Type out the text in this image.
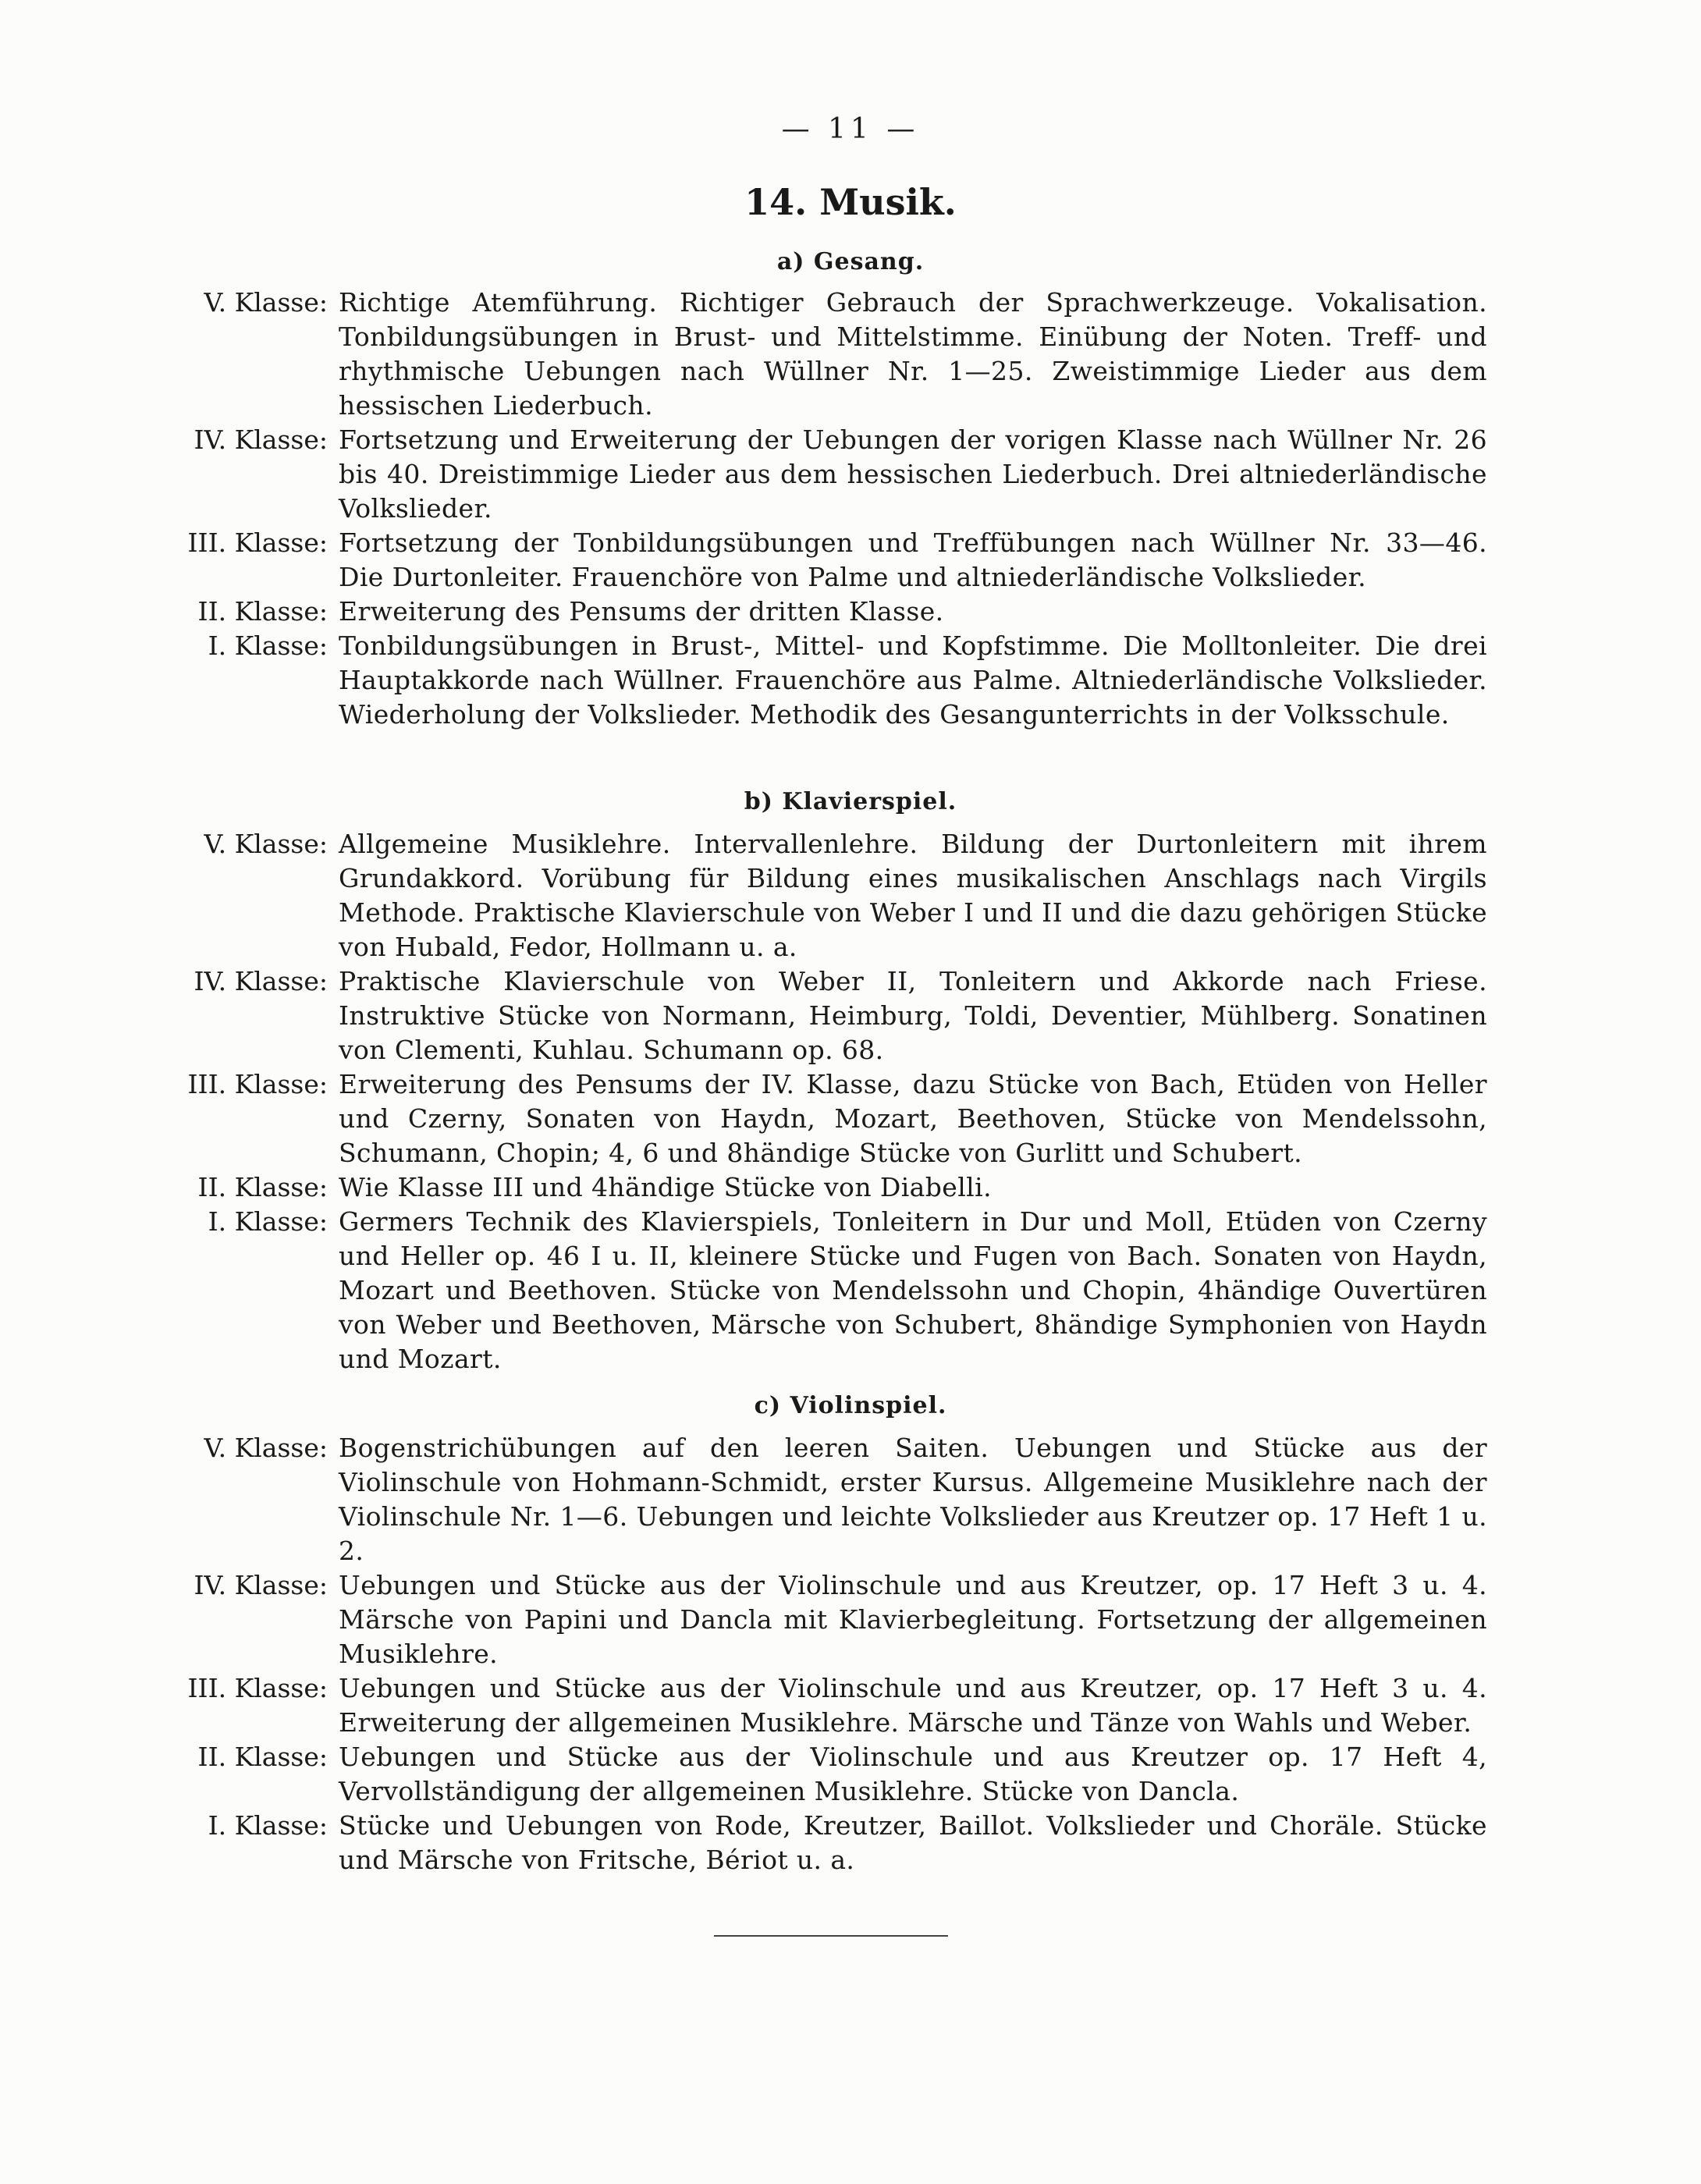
— 11 —
14. Musik.
a) Gesang.
V. Klasse: Richtige Atemführung. Richtiger Gebrauch der Sprachwerkzeuge. Vokalisation. Tonbildungsübungen in Brust- und Mittelstimme. Einübung der Noten. Treff- und rhythmische Uebungen nach Wüllner Nr. 1—25. Zweistimmige Lieder aus dem hessischen Liederbuch.
IV. Klasse: Fortsetzung und Erweiterung der Uebungen der vorigen Klasse nach Wüllner Nr. 26 bis 40. Dreistimmige Lieder aus dem hessischen Liederbuch. Drei altniederländische Volkslieder.
III. Klasse: Fortsetzung der Tonbildungsübungen und Treffübungen nach Wüllner Nr. 33—46. Die Durtonleiter. Frauenchöre von Palme und altniederländische Volkslieder.
II. Klasse: Erweiterung des Pensums der dritten Klasse.
I. Klasse: Tonbildungsübungen in Brust-, Mittel- und Kopfstimme. Die Molltonleiter. Die drei Hauptakkorde nach Wüllner. Frauenchöre aus Palme. Altniederländische Volkslieder. Wiederholung der Volkslieder. Methodik des Gesangunterrichts in der Volksschule.
b) Klavierspiel.
V. Klasse: Allgemeine Musiklehre. Intervallenlehre. Bildung der Durtonleitern mit ihrem Grundakkord. Vorübung für Bildung eines musikalischen Anschlags nach Virgils Methode. Praktische Klavierschule von Weber I und II und die dazu gehörigen Stücke von Hubald, Fedor, Hollmann u. a.
IV. Klasse: Praktische Klavierschule von Weber II, Tonleitern und Akkorde nach Friese. Instruktive Stücke von Normann, Heimburg, Toldi, Deventier, Mühlberg. Sonatinen von Clementi, Kuhlau. Schumann op. 68.
III. Klasse: Erweiterung des Pensums der IV. Klasse, dazu Stücke von Bach, Etüden von Heller und Czerny, Sonaten von Haydn, Mozart, Beethoven, Stücke von Mendelssohn, Schumann, Chopin; 4, 6 und 8händige Stücke von Gurlitt und Schubert.
II. Klasse: Wie Klasse III und 4händige Stücke von Diabelli.
I. Klasse: Germers Technik des Klavierspiels, Tonleitern in Dur und Moll, Etüden von Czerny und Heller op. 46 I u. II, kleinere Stücke und Fugen von Bach. Sonaten von Haydn, Mozart und Beethoven. Stücke von Mendelssohn und Chopin, 4händige Ouvertüren von Weber und Beethoven, Märsche von Schubert, 8händige Symphonien von Haydn und Mozart.
c) Violinspiel.
V. Klasse: Bogenstrichübungen auf den leeren Saiten. Uebungen und Stücke aus der Violinschule von Hohmann-Schmidt, erster Kursus. Allgemeine Musiklehre nach der Violinschule Nr. 1—6. Uebungen und leichte Volkslieder aus Kreutzer op. 17 Heft 1 u. 2.
IV. Klasse: Uebungen und Stücke aus der Violinschule und aus Kreutzer, op. 17 Heft 3 u. 4. Märsche von Papini und Dancla mit Klavierbegleitung. Fortsetzung der allgemeinen Musiklehre.
III. Klasse: Uebungen und Stücke aus der Violinschule und aus Kreutzer, op. 17 Heft 3 u. 4. Erweiterung der allgemeinen Musiklehre. Märsche und Tänze von Wahls und Weber.
II. Klasse: Uebungen und Stücke aus der Violinschule und aus Kreutzer op. 17 Heft 4, Vervollständigung der allgemeinen Musiklehre. Stücke von Dancla.
I. Klasse: Stücke und Uebungen von Rode, Kreutzer, Baillot. Volkslieder und Choräle. Stücke und Märsche von Fritsche, Bériot u. a.
